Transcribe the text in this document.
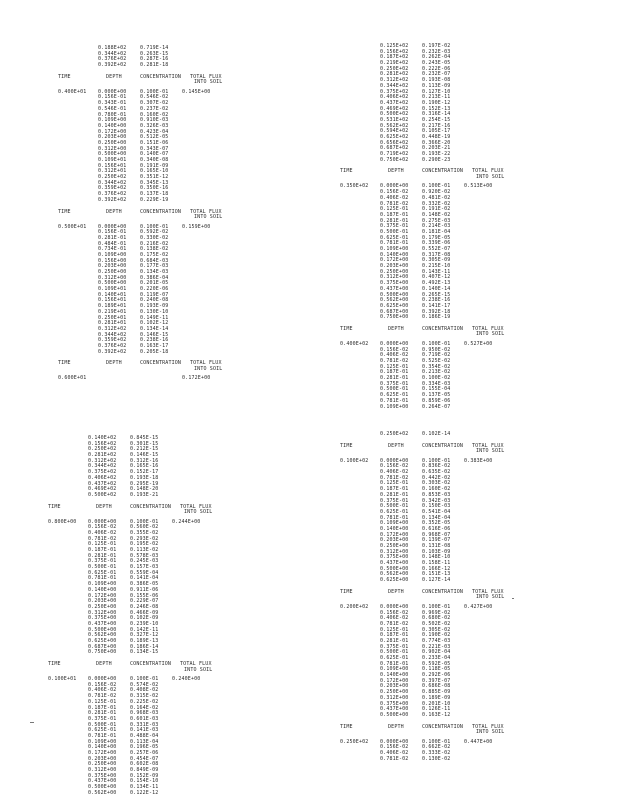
0.188E+02	0.719E-14
0.344E+02	0.263E-15
0.376E+02	0.287E-16
0.392E+02	0.281E-18
TIME	DEPTH	CONCENTRATION TOTAL FLUX
INTO SOIL
0.400E+01 0.000E+00	0.100E-01	0.145E+00
0.156E-01	0.546E-02
0.343E-01	0.307E-02
0.546E-01	0.237E-02
0.780E-01	0.160E-02
0.109E+00	0.910E-03
0.140E+00	0.326E-03
0.172E+00	0.423E-04
0.203E+00	0.512E-05
0.250E+00	0.151E-06
0.312E+00	0.343E-07
0.500E+00	0.140E-07
0.109E+01	0.340E-08
0.156E+01	0.191E-09
0.312E+01	0.165E-10
0.250E+02	0.351E-12
0.344E+02	0.345E-13
0.359E+02	0.350E-16
0.376E+02	0.137E-18
0.392E+02	0.229E-19
TIME	DEPTH	CONCENTRATION TOTAL FLUX
INTO SOIL
0.500E+01 0.000E+00	0.100E-01	0.159E+00
0.156E-01	0.592E-02
0.281E-01	0.330E-02
0.484E-01	0.216E-02
0.734E-01	0.138E-02
0.109E+00	0.175E-02
0.156E+00	0.684E-03
0.203E+00	0.177E-03
0.250E+00	0.134E-03
0.312E+00	0.386E-04
0.500E+00	0.201E-05
0.109E+01	0.220E-06
0.140E+01	0.119E-07
0.156E+01	0.240E-08
0.189E+01	0.193E-09
0.219E+01	0.130E-10
0.250E+01	0.149E-11
0.281E+01	0.102E-12
0.312E+02	0.134E-14
0.344E+02	0.146E-15
0.359E+02	0.238E-16
0.376E+02	0.163E-17
0.392E+02	0.205E-18
TIME	DEPTH	CONCENTRATION TOTAL FLUX
INTO SOIL
0.600E+01	0.172E+00
0.125E+02	0.197E-02
0.156E+02	0.232E-03
0.187E+02	0.262E-04
0.219E+02	0.243E-05
0.250E+02	0.222E-06
0.281E+02	0.232E-07
0.312E+02	0.193E-08
0.344E+02	0.113E-09
0.375E+02	0.127E-10
0.406E+02	0.213E-11
0.437E+02	0.190E-12
0.469E+02	0.152E-13
0.500E+02	0.316E-14
0.531E+02	0.254E-15
0.562E+02	0.217E-16
0.594E+02	0.105E-17
0.625E+02	0.448E-19
0.656E+02	0.366E-20
0.687E+02	0.203E-21
0.719E+02	0.193E-22
0.750E+02	0.290E-23
TIME	DEPTH	CONCENTRATION TOTAL FLUX
INTO SOIL
0.350E+02 0.000E+00	0.100E-01	0.513E+00
0.156E-02	0.920E-02
0.406E-02	0.481E-02
0.781E-02	0.332E-02
0.125E-01	0.191E-02
0.187E-01	0.148E-02
0.281E-01	0.275E-03
0.375E-01	0.214E-03
0.500E-01	0.181E-04
0.625E-01	0.179E-05
0.781E-01	0.339E-06
0.109E+00	0.552E-07
0.140E+00	0.317E-08
0.172E+00	0.305E-09
0.203E+00	0.215E-10
0.250E+00	0.143E-11
0.312E+00	0.407E-12
0.375E+00	0.492E-13
0.437E+00	0.140E-14
0.500E+00	0.265E-15
0.562E+00	0.238E-16
0.625E+00	0.141E-17
0.687E+00	0.392E-18
0.750E+00	0.186E-19
TIME	DEPTH	CONCENTRATION TOTAL FLUX
INTO SOIL
0.400E+02 0.000E+00	0.100E-01	0.527E+00
0.156E-02	0.950E-02
0.406E-02	0.719E-02
0.781E-02	0.525E-02
0.125E-01	0.354E-02
0.187E-01	0.213E-02
0.281E-01	0.100E-02
0.375E-01	0.334E-03
0.500E-01	0.155E-04
0.625E-01	0.137E-05
0.781E-01	0.859E-06
0.109E+00	0.264E-07
0.140E+02	0.845E-15
0.156E+02	0.301E-15
0.250E+02	0.212E-15
0.281E+02	0.146E-15
0.312E+02	0.312E-16
0.344E+02	0.165E-16
0.375E+02	0.152E-17
0.406E+02	0.193E-18
0.437E+02	0.295E-19
0.469E+02	0.148E-20
0.500E+02	0.193E-21
TIME	DEPTH	CONCENTRATION TOTAL FLUX
INTO SOIL
0.800E+00 0.000E+00	0.100E-01	0.244E+00
0.156E-02	0.560E-02
0.406E-02	0.355E-02
0.781E-02	0.293E-02
0.125E-01	0.195E-02
0.187E-01	0.113E-02
0.281E-01	0.578E-03
0.375E-01	0.245E-03
0.500E-01	0.157E-03
0.625E-01	0.559E-04
0.781E-01	0.141E-04
0.109E+00	0.386E-05
0.140E+00	0.911E-06
0.172E+00	0.155E-06
0.203E+00	0.229E-07
0.250E+00	0.246E-08
0.312E+00	0.466E-09
0.375E+00	0.102E-09
0.437E+00	0.239E-10
0.500E+00	0.142E-11
0.562E+00	0.327E-12
0.625E+00	0.189E-13
0.687E+00	0.186E-14
0.750E+00	0.134E-15
TIME	DEPTH	CONCENTRATION TOTAL FLUX
INTO SOIL
0.100E+01 0.000E+00	0.100E-01	0.240E+00
0.156E-02	0.574E-02
0.406E-02	0.408E-02
0.781E-02	0.315E-02
0.125E-01	0.225E-02
0.187E-01	0.164E-02
0.281E-01	0.968E-03
0.375E-01	0.601E-03
0.500E-01	0.331E-03
0.625E-01	0.141E-03
0.781E-01	0.488E-04
0.109E+00	0.113E-04
0.140E+00	0.196E-05
0.172E+00	0.257E-06
0.203E+00	0.454E-07
0.250E+00	0.602E-08
0.312E+00	0.849E-09
0.375E+00	0.152E-09
0.437E+00	0.154E-10
0.500E+00	0.134E-11
0.562E+00	0.122E-12
0.250E+02	0.102E-14
TIME	DEPTH	CONCENTRATION TOTAL FLUX
INTO SOIL
0.100E+02 0.000E+00	0.100E-01	0.383E+00
0.156E-02	0.836E-02
0.406E-02	0.635E-02
0.781E-02	0.442E-02
0.125E-01	0.303E-02
0.187E-01	0.160E-02
0.281E-01	0.853E-03
0.375E-01	0.342E-03
0.500E-01	0.150E-03
0.625E-01	0.541E-04
0.781E-01	0.134E-04
0.109E+00	0.352E-05
0.140E+00	0.616E-06
0.172E+00	0.968E-07
0.203E+00	0.139E-07
0.250E+00	0.131E-08
0.312E+00	0.103E-09
0.375E+00	0.148E-10
0.437E+00	0.158E-11
0.500E+00	0.166E-12
0.562E+00	0.151E-13
0.625E+00	0.127E-14
TIME	DEPTH	CONCENTRATION TOTAL FLUX
INTO SOIL
0.200E+02 0.000E+00	0.100E-01	0.427E+00
0.156E-02	0.969E-02
0.406E-02	0.680E-02
0.781E-02	0.502E-02
0.125E-01	0.305E-02
0.187E-01	0.190E-02
0.281E-01	0.774E-03
0.375E-01	0.221E-03
0.500E-01	0.902E-04
0.625E-01	0.233E-04
0.781E-01	0.592E-05
0.109E+00	0.118E-05
0.140E+00	0.292E-06
0.172E+00	0.397E-07
0.203E+00	0.686E-08
0.250E+00	0.885E-09
0.312E+00	0.189E-09
0.375E+00	0.201E-10
0.437E+00	0.126E-11
0.500E+00	0.163E-12
TIME	DEPTH	CONCENTRATION TOTAL FLUX
INTO SOIL
0.250E+02 0.000E+00	0.100E-01	0.447E+00
0.156E-02	0.662E-02
0.406E-02	0.333E-02
0.781E-02	0.130E-02
